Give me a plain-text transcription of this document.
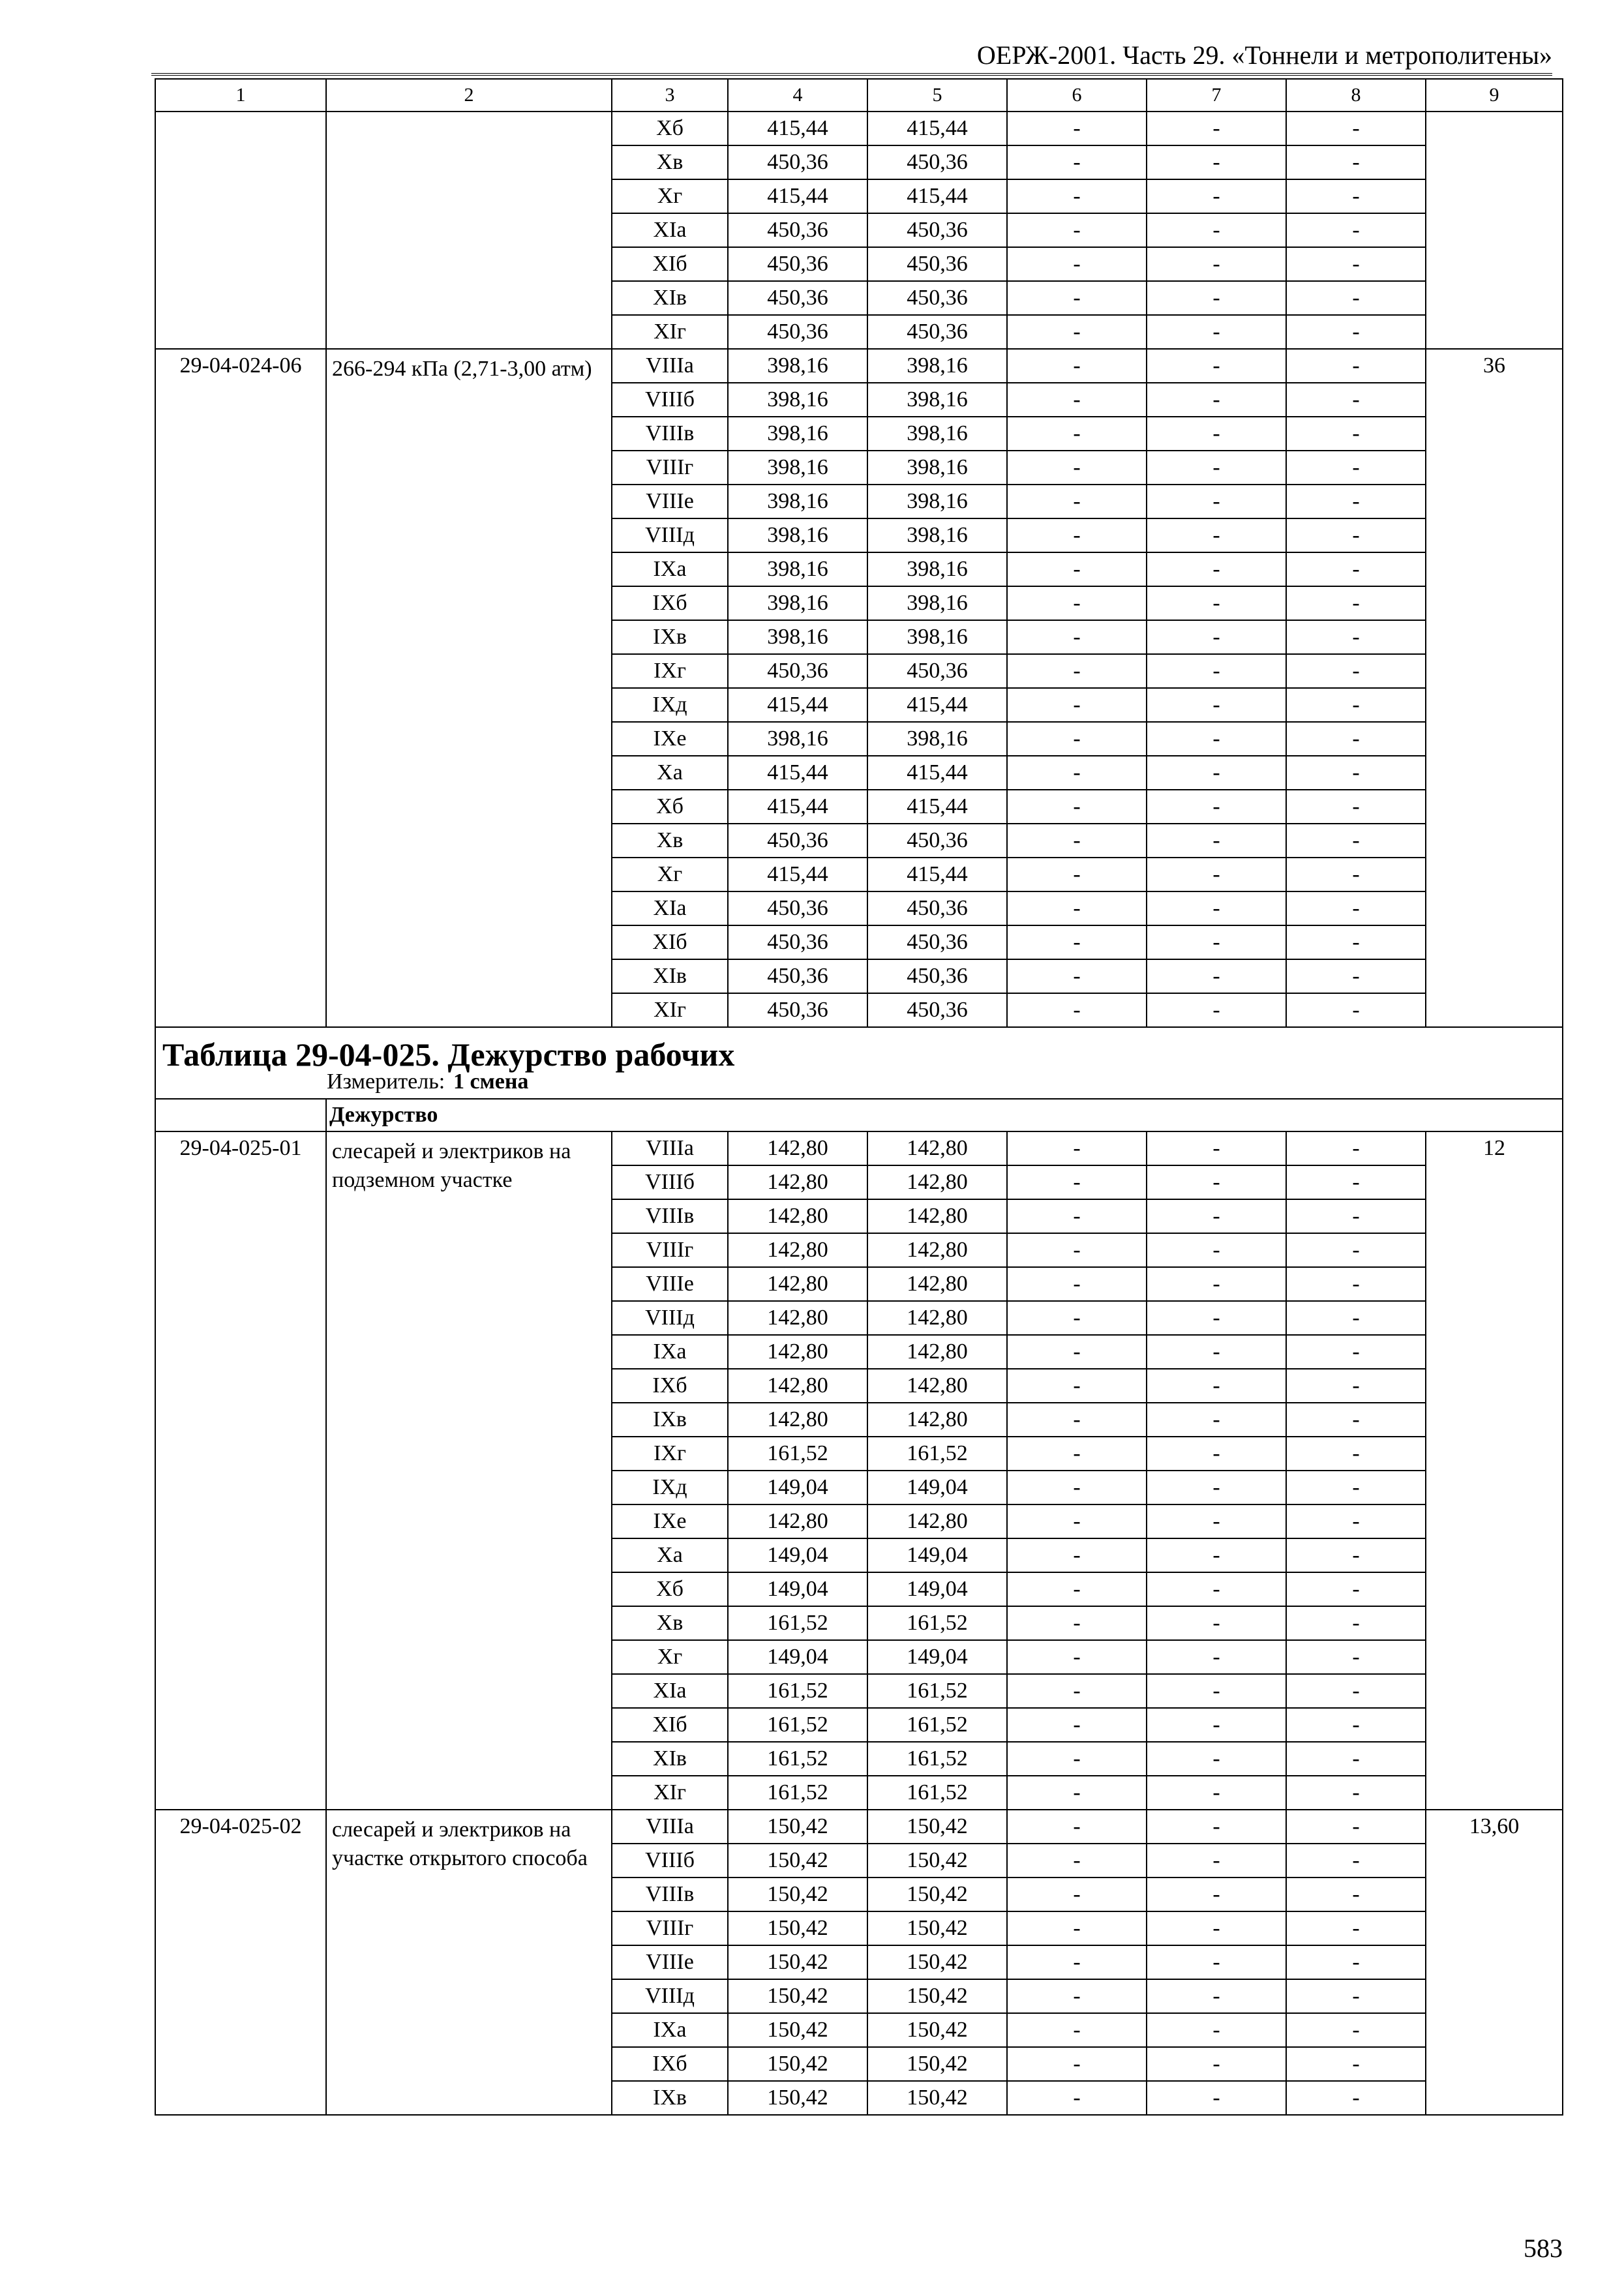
ОЕРЖ-2001. Часть 29. «Тоннели и метрополитены»
1	2	3	4	5	6	7	8	9
		Хб	415,44	415,44	-	-	-	
		Хв	450,36	450,36	-	-	-	
		Хг	415,44	415,44	-	-	-	
		ХIа	450,36	450,36	-	-	-	
		ХIб	450,36	450,36	-	-	-	
		ХIв	450,36	450,36	-	-	-	
		ХIг	450,36	450,36	-	-	-	
29-04-024-06	266-294 кПа (2,71-3,00 атм)	VIIIа	398,16	398,16	-	-	-	36
		VIIIб	398,16	398,16	-	-	-	
		VIIIв	398,16	398,16	-	-	-	
		VIIIг	398,16	398,16	-	-	-	
		VIIIе	398,16	398,16	-	-	-	
		VIIIд	398,16	398,16	-	-	-	
		IХа	398,16	398,16	-	-	-	
		IХб	398,16	398,16	-	-	-	
		IХв	398,16	398,16	-	-	-	
		IХг	450,36	450,36	-	-	-	
		IХд	415,44	415,44	-	-	-	
		IХе	398,16	398,16	-	-	-	
		Ха	415,44	415,44	-	-	-	
		Хб	415,44	415,44	-	-	-	
		Хв	450,36	450,36	-	-	-	
		Хг	415,44	415,44	-	-	-	
		ХIа	450,36	450,36	-	-	-	
		ХIб	450,36	450,36	-	-	-	
		ХIв	450,36	450,36	-	-	-	
		ХIг	450,36	450,36	-	-	-	
Таблица 29-04-025. Дежурство рабочих								
Измеритель: 1 смена								
	Дежурство							
29-04-025-01	слесарей и электриков на подземном участке	VIIIа	142,80	142,80	-	-	-	12
		VIIIб	142,80	142,80	-	-	-	
		VIIIв	142,80	142,80	-	-	-	
		VIIIг	142,80	142,80	-	-	-	
		VIIIе	142,80	142,80	-	-	-	
		VIIIд	142,80	142,80	-	-	-	
		IХа	142,80	142,80	-	-	-	
		IХб	142,80	142,80	-	-	-	
		IХв	142,80	142,80	-	-	-	
		IХг	161,52	161,52	-	-	-	
		IХд	149,04	149,04	-	-	-	
		IХе	142,80	142,80	-	-	-	
		Ха	149,04	149,04	-	-	-	
		Хб	149,04	149,04	-	-	-	
		Хв	161,52	161,52	-	-	-	
		Хг	149,04	149,04	-	-	-	
		ХIа	161,52	161,52	-	-	-	
		ХIб	161,52	161,52	-	-	-	
		ХIв	161,52	161,52	-	-	-	
		ХIг	161,52	161,52	-	-	-	
29-04-025-02	слесарей и электриков на участке открытого способа	VIIIа	150,42	150,42	-	-	-	13,60
		VIIIб	150,42	150,42	-	-	-	
		VIIIв	150,42	150,42	-	-	-	
		VIIIг	150,42	150,42	-	-	-	
		VIIIе	150,42	150,42	-	-	-	
		VIIIд	150,42	150,42	-	-	-	
		IХа	150,42	150,42	-	-	-	
		IХб	150,42	150,42	-	-	-	
		IХв	150,42	150,42	-	-	-	
583
